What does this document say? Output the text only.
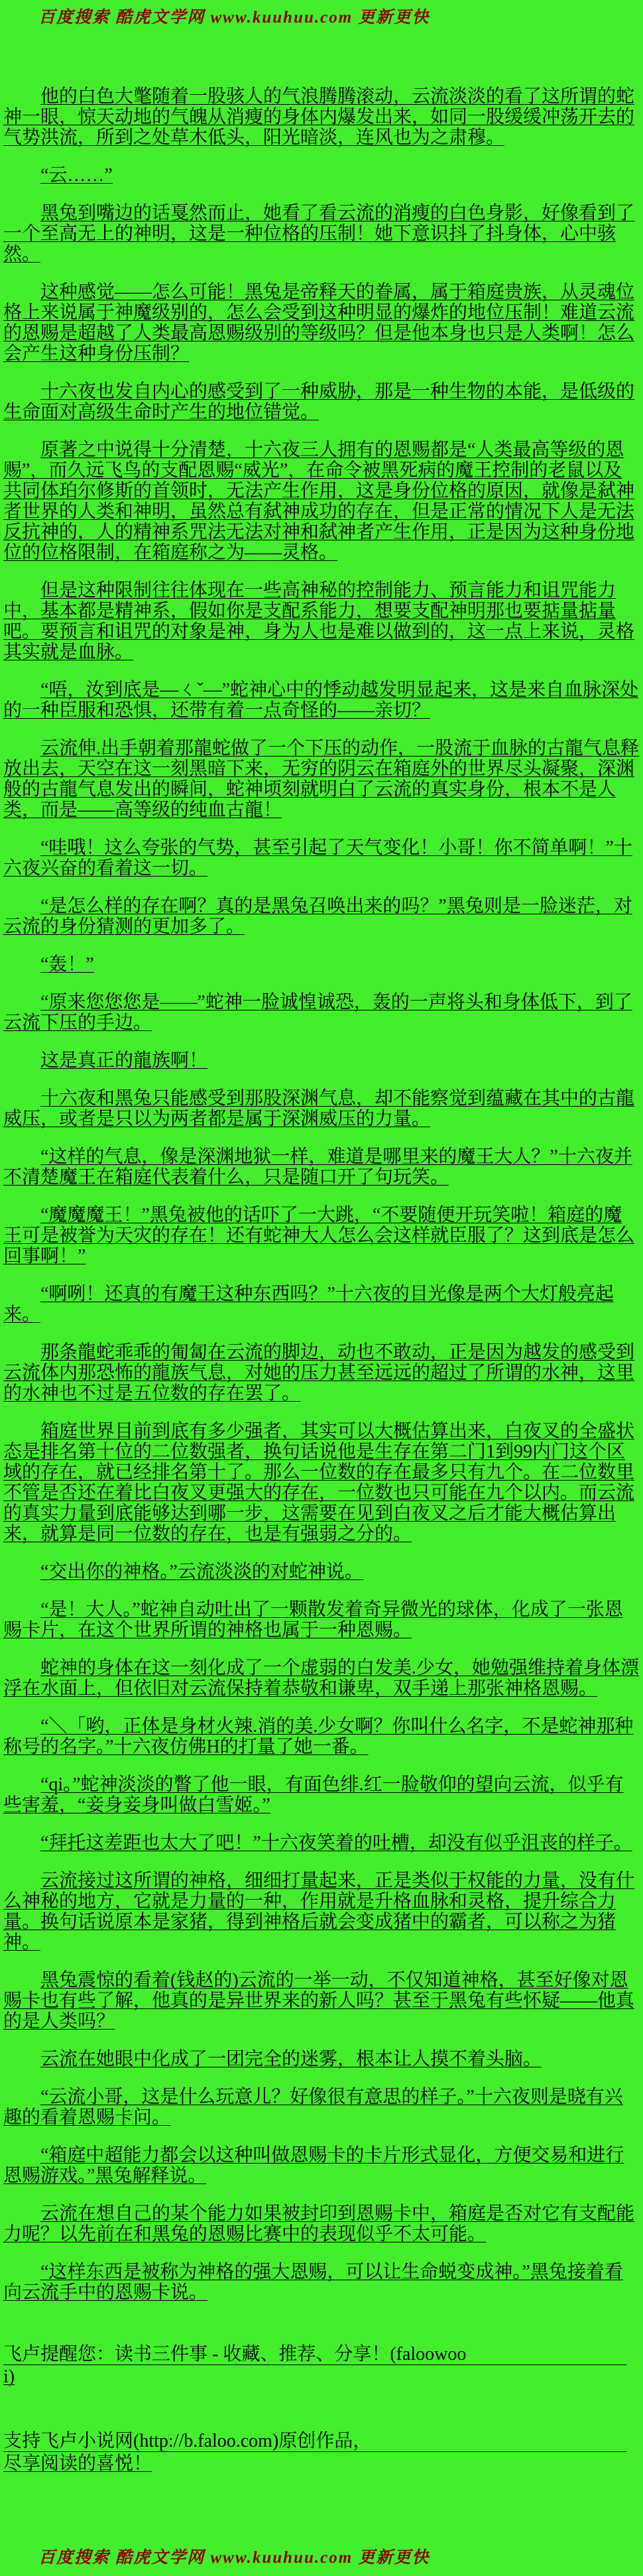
百度搜索 酷虎文学网 www.kuuhuu.com 更新更快

他的白色大氅随着一股骇人的气浪腾腾滚动，云流淡淡的看了这所谓的蛇神一眼，惊天动地的气魄从消瘦的身体内爆发出来，如同一股缓缓冲荡开去的气势洪流，所到之处草木低头，阳光暗淡，连风也为之肃穆。

“云……”

黑兔到嘴边的话戛然而止，她看了看云流的消瘦的白色身影，好像看到了一个至高无上的神明，这是一种位格的压制！她下意识抖了抖身体，心中骇然。

这种感觉——怎么可能！黑兔是帝释天的眷属，属于箱庭贵族，从灵魂位格上来说属于神魔级别的，怎么会受到这种明显的爆炸的地位压制！难道云流的恩赐是超越了人类最高恩赐级别的等级吗？但是他本身也只是人类啊！怎么会产生这种身份压制？

十六夜也发自内心的感受到了一种威胁，那是一种生物的本能，是低级的生命面对高级生命时产生的地位错觉。

原著之中说得十分清楚，十六夜三人拥有的恩赐都是“人类最高等级的恩赐”，而久远飞鸟的支配恩赐“威光”，在命令被黑死病的魔王控制的老鼠以及共同体珀尔修斯的首领时，无法产生作用，这是身份位格的原因，就像是弑神者世界的人类和神明，虽然总有弑神成功的存在，但是正常的情况下人是无法反抗神的，人的精神系咒法无法对神和弑神者产生作用，正是因为这种身份地位的位格限制，在箱庭称之为——灵格。

但是这种限制往往体现在一些高神秘的控制能力、预言能力和诅咒能力中，基本都是精神系，假如你是支配系能力，想要支配神明那也要掂量掂量吧。要预言和诅咒的对象是神，身为人也是难以做到的，这一点上来说，灵格其实就是血脉。

“唔，汝到底是—ㄑˇ—”蛇神心中的悸动越发明显起来，这是来自血脉深处的一种臣服和恐惧，还带有着一点奇怪的——亲切？

云流伸.出手朝着那龍蛇做了一个下压的动作，一股流于血脉的古龍气息释放出去，天空在这一刻黑暗下来，无穷的阴云在箱庭外的世界尽头凝聚，深渊般的古龍气息发出的瞬间，蛇神顷刻就明白了云流的真实身份，根本不是人类，而是——高等级的纯血古龍！

“哇哦！这么夸张的气势，甚至引起了天气变化！小哥！你不简单啊！”十六夜兴奋的看着这一切。

“是怎么样的存在啊？真的是黑兔召唤出来的吗？”黑兔则是一脸迷茫，对云流的身份猜测的更加多了。

“轰！”

“原来您您您是——”蛇神一脸诚惶诚恐，轰的一声将头和身体低下，到了云流下压的手边。

这是真正的龍族啊！

十六夜和黑兔只能感受到那股深渊气息，却不能察觉到蕴藏在其中的古龍威压，或者是只以为两者都是属于深渊威压的力量。

“这样的气息，像是深渊地狱一样，难道是哪里来的魔王大人？”十六夜并不清楚魔王在箱庭代表着什么，只是随口开了句玩笑。

“魔魔魔王！”黑兔被他的话吓了一大跳，“不要随便开玩笑啦！箱庭的魔王可是被誉为天灾的存在！还有蛇神大人怎么会这样就臣服了？这到底是怎么回事啊！”

“啊咧！还真的有魔王这种东西吗？”十六夜的目光像是两个大灯般亮起来。

那条龍蛇乖乖的匍匐在云流的脚边，动也不敢动，正是因为越发的感受到云流体内那恐怖的龍族气息，对她的压力甚至远远的超过了所谓的水神，这里的水神也不过是五位数的存在罢了。

箱庭世界目前到底有多少强者，其实可以大概估算出来，白夜叉的全盛状态是排名第十位的二位数强者，换句话说他是生存在第二门1到99内门这个区域的存在，就已经排名第十了。那么一位数的存在最多只有九个。在二位数里不管是否还在着比白夜叉更强大的存在，一位数也只可能在九个以内。而云流的真实力量到底能够达到哪一步，这需要在见到白夜叉之后才能大概估算出来，就算是同一位数的存在，也是有强弱之分的。

“交出你的神格。”云流淡淡的对蛇神说。

“是！大人。”蛇神自动吐出了一颗散发着奇异微光的球体，化成了一张恩赐卡片，在这个世界所谓的神格也属于一种恩赐。

蛇神的身体在这一刻化成了一个虚弱的白发美.少女，她勉强维持着身体漂浮在水面上，但依旧对云流保持着恭敬和谦卑，双手递上那张神格恩赐。

“＼「哟，正体是身材火辣.消的美.少女啊？你叫什么名字，不是蛇神那种称号的名字。”十六夜仿佛H的打量了她一番。

“qi。”蛇神淡淡的瞥了他一眼，有面色绯.红一脸敬仰的望向云流，似乎有些害羞，“妾身妾身叫做白雪姬。”

“拜托这差距也太大了吧！”十六夜笑着的吐槽，却没有似乎沮丧的样子。

云流接过这所谓的神格，细细打量起来，正是类似于权能的力量，没有什么神秘的地方，它就是力量的一种，作用就是升格血脉和灵格，提升综合力量。换句话说原本是家猪，得到神格后就会变成猪中的霸者，可以称之为猪神。

黑兔震惊的看着(钱赵的)云流的一举一动，不仅知道神格，甚至好像对恩赐卡也有些了解，他真的是异世界来的新人吗？甚至于黑兔有些怀疑——他真的是人类吗？

云流在她眼中化成了一团完全的迷雾，根本让人摸不着头脑。

“云流小哥，这是什么玩意儿？好像很有意思的样子。”十六夜则是晓有兴趣的看着恩赐卡问。

“箱庭中超能力都会以这种叫做恩赐卡的卡片形式显化，方便交易和进行恩赐游戏。”黑兔解释说。

云流在想自己的某个能力如果被封印到恩赐卡中，箱庭是否对它有支配能力呢？以先前在和黑兔的恩赐比赛中的表现似乎不太可能。

“这样东西是被称为神格的强大恩赐，可以让生命蜕变成神。”黑兔接着看向云流手中的恩赐卡说。

飞卢提醒您：读书三件事 - 收藏、推荐、分享！(faloowoo
i)
支持飞卢小说网(http://b.faloo.com)原创作品，
尽享阅读的喜悦！
百度搜索 酷虎文学网 www.kuuhuu.com 更新更快
